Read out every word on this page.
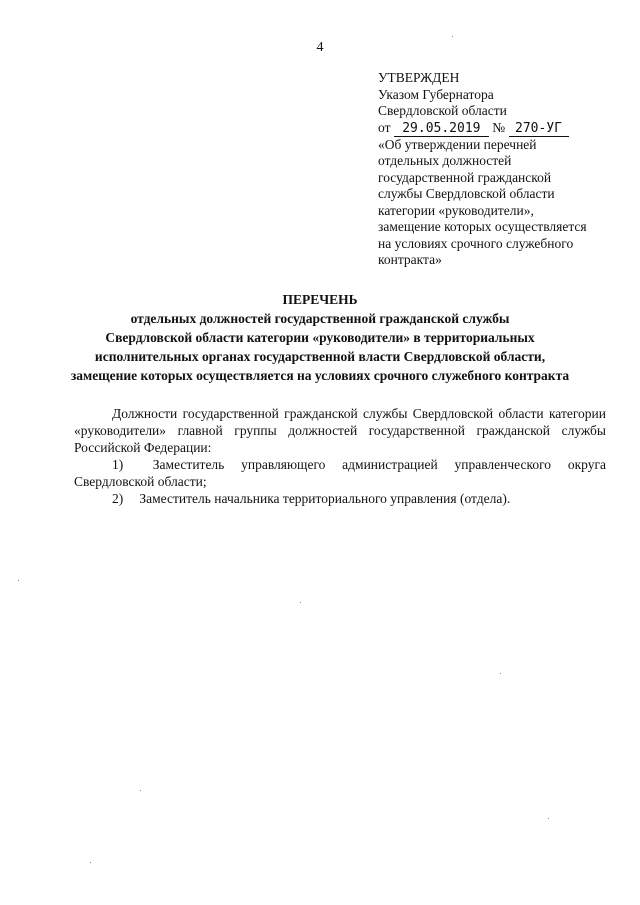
4
УТВЕРЖДЕН
Указом Губернатора
Свердловской области
от 29.05.2019 № 270-УГ
«Об утверждении перечней
отдельных должностей
государственной гражданской
службы Свердловской области
категории «руководители»,
замещение которых осуществляется
на условиях срочного служебного
контракта»
ПЕРЕЧЕНЬ
отдельных должностей государственной гражданской службы
Свердловской области категории «руководители» в территориальных
исполнительных органах государственной власти Свердловской области,
замещение которых осуществляется на условиях срочного служебного контракта

Должности государственной гражданской службы Свердловской области категории «руководители» главной группы должностей государственной гражданской службы Российской Федерации:

1) Заместитель управляющего администрацией управленческого округа Свердловской области;

2) Заместитель начальника территориального управления (отдела).
